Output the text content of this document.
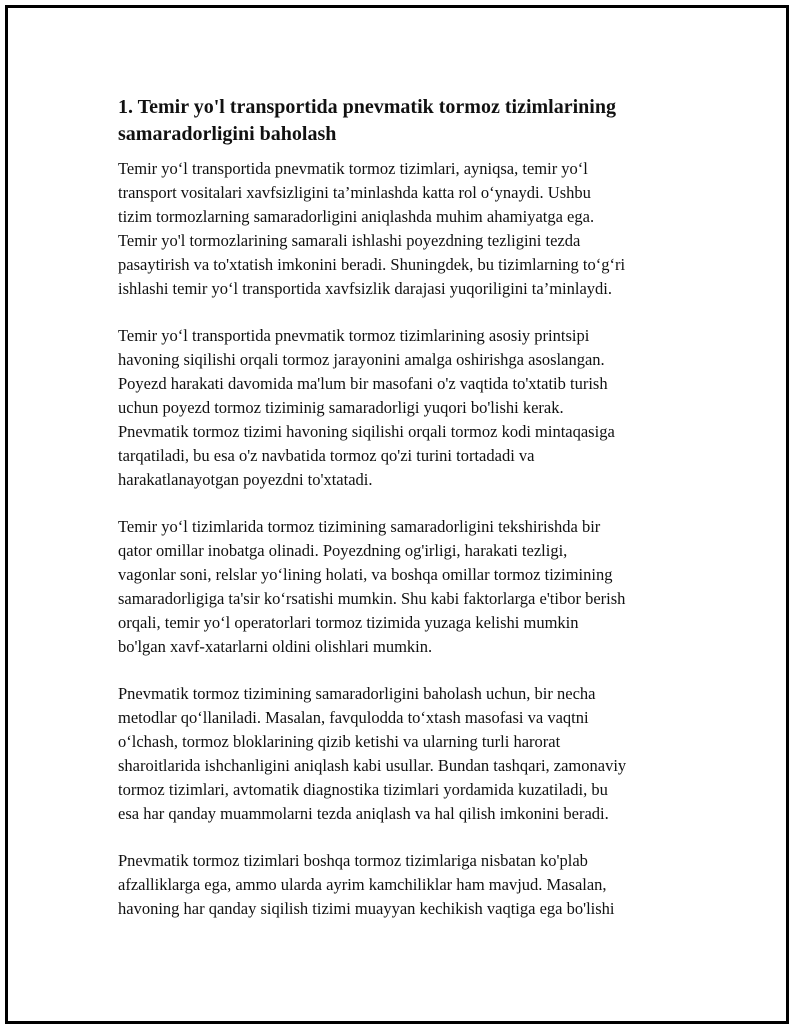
1. Temir yo'l transportida pnevmatik tormoz tizimlarining
samaradorligini baholash
Temir yo‘l transportida pnevmatik tormoz tizimlari, ayniqsa, temir yo‘l
transport vositalari xavfsizligini ta’minlashda katta rol o‘ynaydi. Ushbu
tizim tormozlarning samaradorligini aniqlashda muhim ahamiyatga ega.
Temir yo'l tormozlarining samarali ishlashi poyezdning tezligini tezda
pasaytirish va to'xtatish imkonini beradi. Shuningdek, bu tizimlarning to‘g‘ri
ishlashi temir yo‘l transportida xavfsizlik darajasi yuqoriligini ta’minlaydi.
Temir yo‘l transportida pnevmatik tormoz tizimlarining asosiy printsipi
havoning siqilishi orqali tormoz jarayonini amalga oshirishga asoslangan.
Poyezd harakati davomida ma'lum bir masofani o'z vaqtida to'xtatib turish
uchun poyezd tormoz tiziminig samaradorligi yuqori bo'lishi kerak.
Pnevmatik tormoz tizimi havoning siqilishi orqali tormoz kodi mintaqasiga
tarqatiladi, bu esa o'z navbatida tormoz qo'zi turini tortadadi va
harakatlanayotgan poyezdni to'xtatadi.
Temir yo‘l tizimlarida tormoz tizimining samaradorligini tekshirishda bir
qator omillar inobatga olinadi. Poyezdning og'irligi, harakati tezligi,
vagonlar soni, relslar yo‘lining holati, va boshqa omillar tormoz tizimining
samaradorligiga ta'sir ko‘rsatishi mumkin. Shu kabi faktorlarga e'tibor berish
orqali, temir yo‘l operatorlari tormoz tizimida yuzaga kelishi mumkin
bo'lgan xavf-xatarlarni oldini olishlari mumkin.
Pnevmatik tormoz tizimining samaradorligini baholash uchun, bir necha
metodlar qo‘llaniladi. Masalan, favqulodda to‘xtash masofasi va vaqtni
o‘lchash, tormoz bloklarining qizib ketishi va ularning turli harorat
sharoitlarida ishchanligini aniqlash kabi usullar. Bundan tashqari, zamonaviy
tormoz tizimlari, avtomatik diagnostika tizimlari yordamida kuzatiladi, bu
esa har qanday muammolarni tezda aniqlash va hal qilish imkonini beradi.
Pnevmatik tormoz tizimlari boshqa tormoz tizimlariga nisbatan ko'plab
afzalliklarga ega, ammo ularda ayrim kamchiliklar ham mavjud. Masalan,
havoning har qanday siqilish tizimi muayyan kechikish vaqtiga ega bo'lishi
